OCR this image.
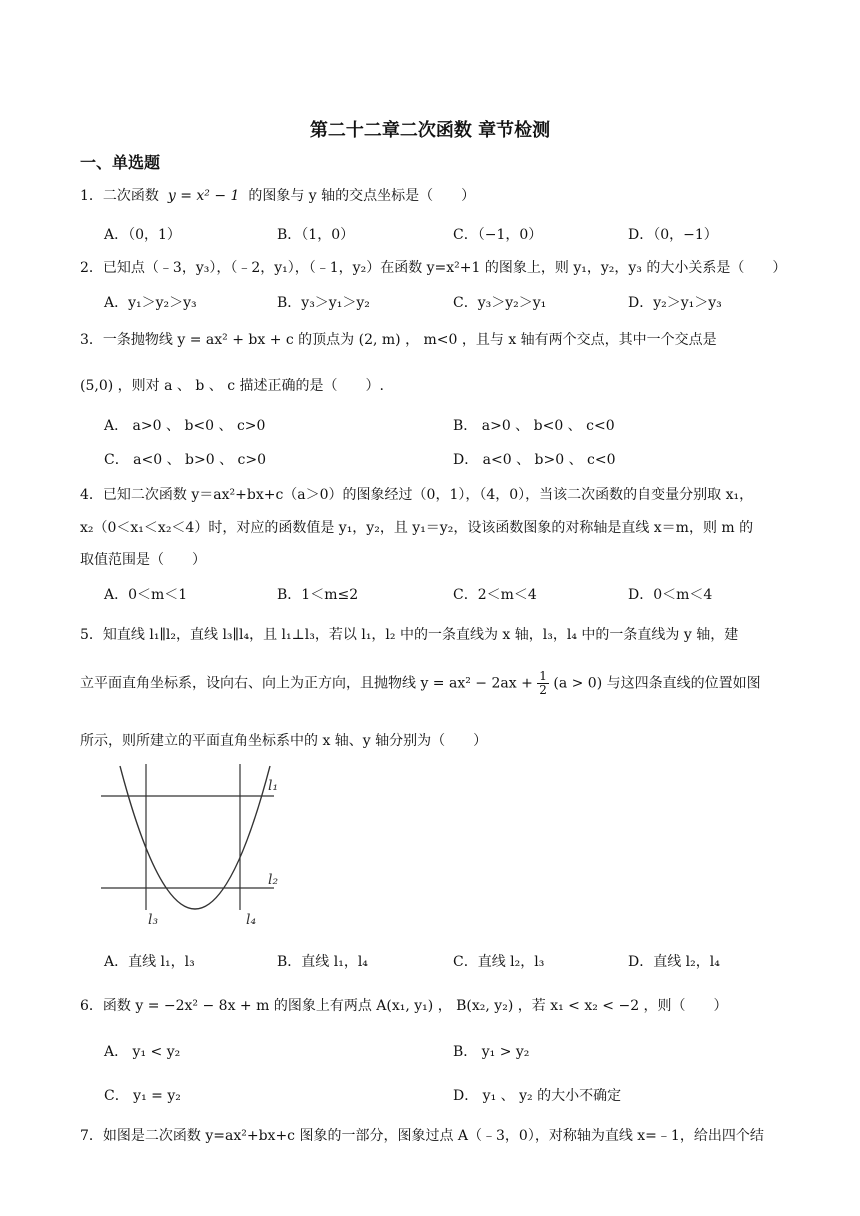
第二十二章二次函数 章节检测
一、单选题
1．二次函数 y = x² − 1 的图象与 y 轴的交点坐标是（　　）
A．（0，1）	B．（1，0）	C．（−1，0）	D．（0，−1）
2．已知点（﹣3，y₃），（﹣2，y₁），（﹣1，y₂）在函数 y=x²+1 的图象上，则 y₁，y₂，y₃ 的大小关系是（　　）
A．y₁＞y₂＞y₃	B．y₃＞y₁＞y₂	C．y₃＞y₂＞y₁	D．y₂＞y₁＞y₃
3．一条抛物线 y = ax² + bx + c 的顶点为 (2, m) ， m<0 ，且与 x 轴有两个交点，其中一个交点是
(5,0) ，则对 a 、 b 、 c 描述正确的是（　　）.
A． a>0 、 b<0 、 c>0	B． a>0 、 b<0 、 c<0
C． a<0 、 b>0 、 c>0	D． a<0 、 b>0 、 c<0
4．已知二次函数 y＝ax²+bx+c（a＞0）的图象经过（0，1），（4，0），当该二次函数的自变量分别取 x₁，
x₂（0＜x₁＜x₂＜4）时，对应的函数值是 y₁，y₂，且 y₁＝y₂，设该函数图象的对称轴是直线 x＝m，则 m 的
取值范围是（　　）
A．0＜m＜1	B．1＜m≤2	C．2＜m＜4	D．0＜m＜4
5．知直线 l₁∥l₂，直线 l₃∥l₄，且 l₁⊥l₃，若以 l₁，l₂ 中的一条直线为 x 轴，l₃，l₄ 中的一条直线为 y 轴，建
立平面直角坐标系，设向右、向上为正方向，且抛物线 $y = ax^2 - 2ax + \frac{1}{2} (a > 0)$ 与这四条直线的位置如图
所示，则所建立的平面直角坐标系中的 x 轴、y 轴分别为（　　）
l₁
l₂
l₃	l₄
A．直线 l₁，l₃	B．直线 l₁，l₄	C．直线 l₂，l₃	D．直线 l₂，l₄
6．函数 y = −2x² − 8x + m 的图象上有两点 A(x₁, y₁) ， B(x₂, y₂) ，若 x₁ < x₂ < −2 ，则（　　）
A． y₁ < y₂	B． y₁ > y₂
C． y₁ = y₂	D． y₁ 、 y₂ 的大小不确定
7．如图是二次函数 y=ax²+bx+c 图象的一部分，图象过点 A（﹣3，0），对称轴为直线 x=﹣1，给出四个结
